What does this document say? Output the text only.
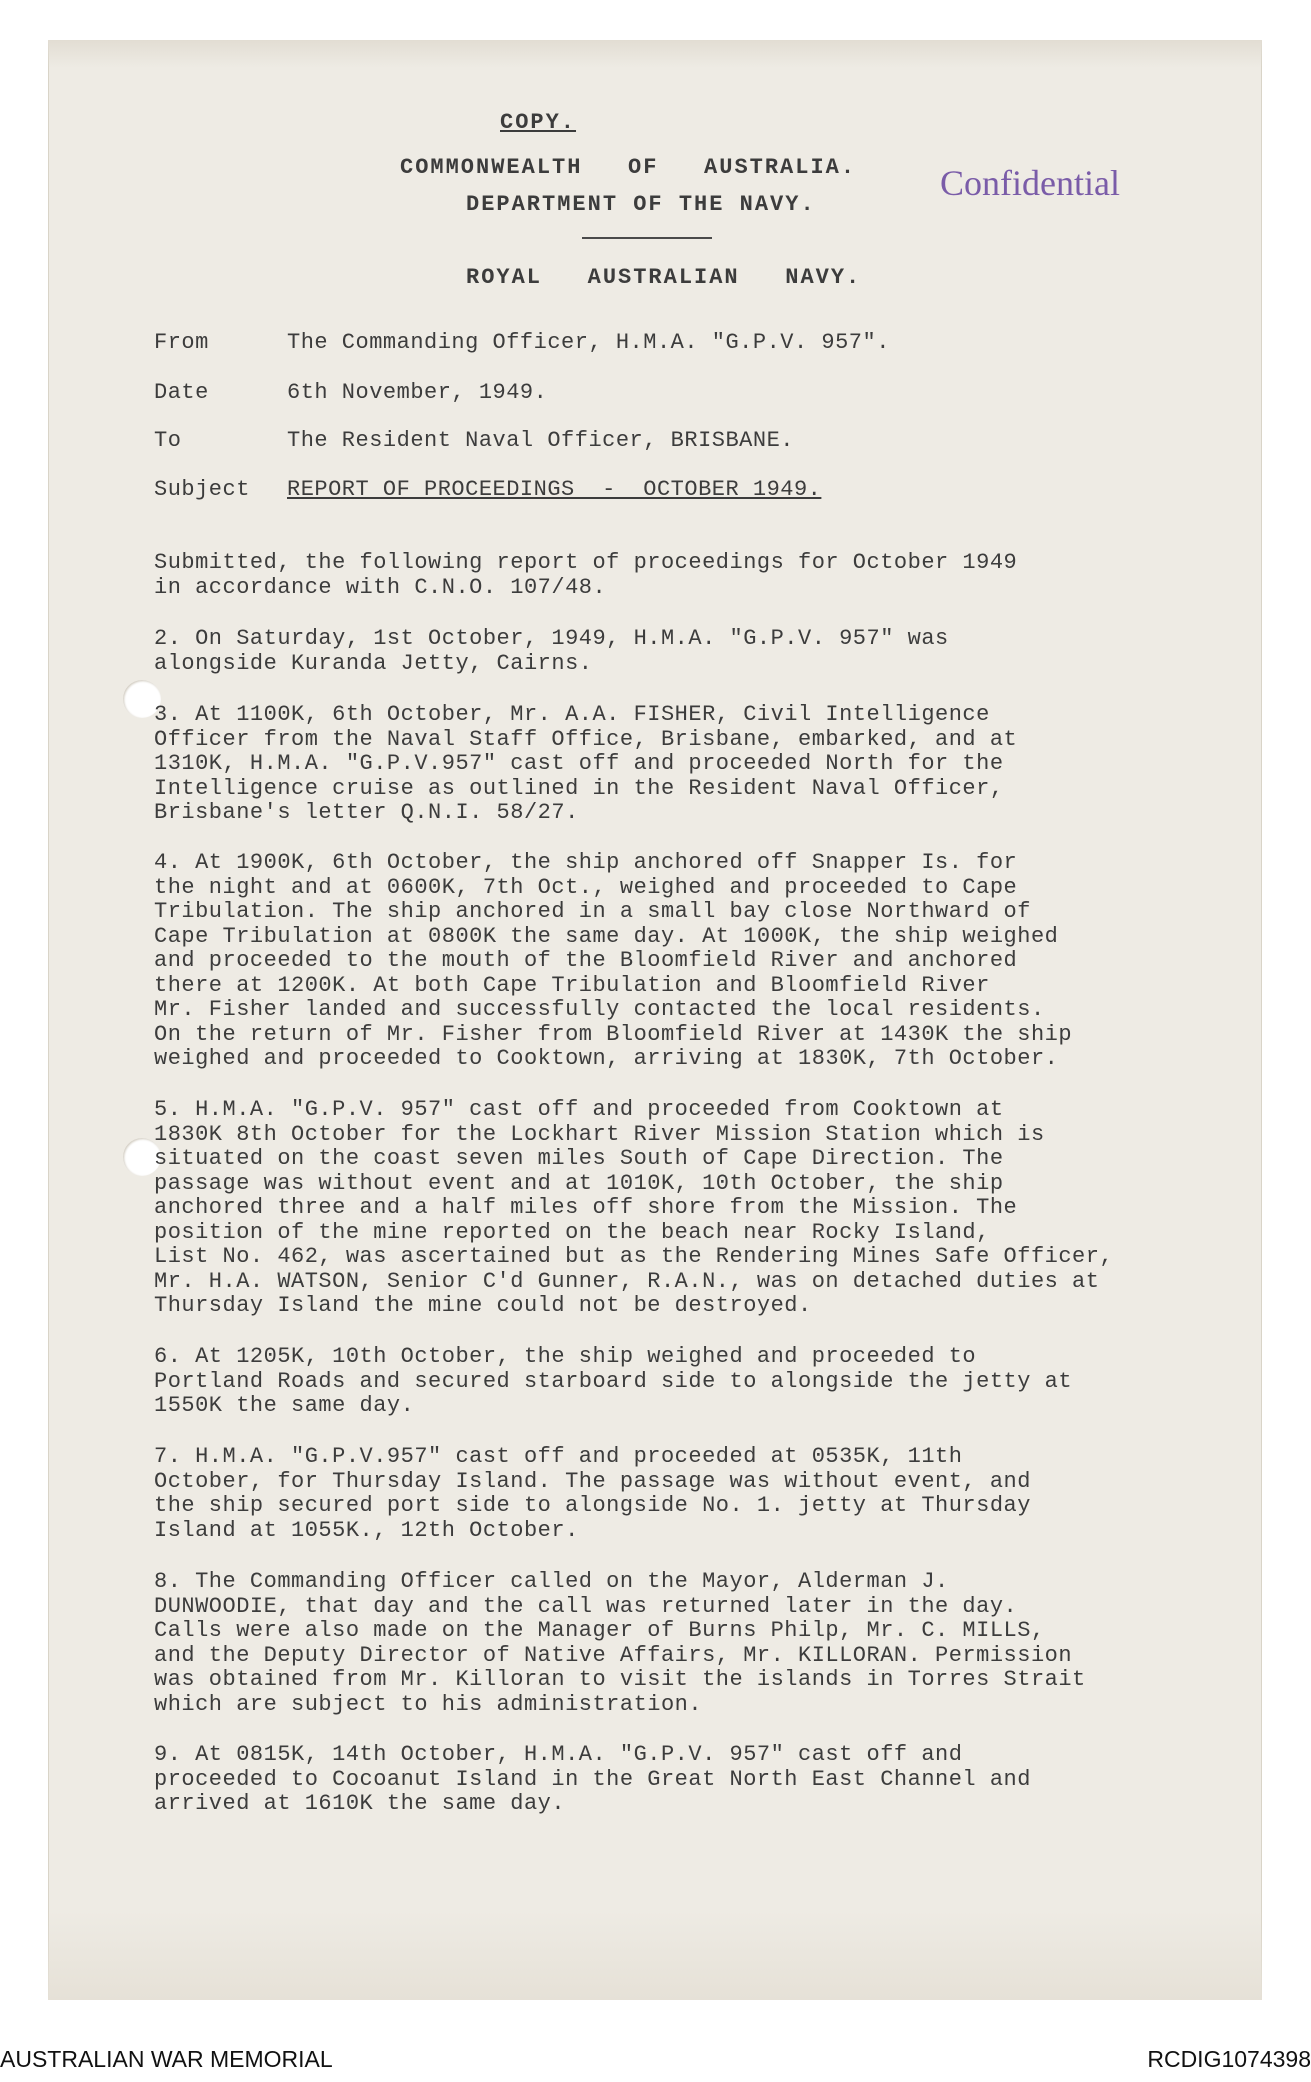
COPY.
COMMONWEALTH   OF   AUSTRALIA.
DEPARTMENT OF THE NAVY.
ROYAL   AUSTRALIAN   NAVY.
Confidential
From	The Commanding Officer, H.M.A. "G.P.V. 957".
Date	6th November, 1949.
To	The Resident Naval Officer, BRISBANE.
Subject REPORT OF PROCEEDINGS  -  OCTOBER 1949.
Submitted, the following report of proceedings for October 1949
in accordance with C.N.O. 107/48.
2. On Saturday, 1st October, 1949, H.M.A. "G.P.V. 957" was
alongside Kuranda Jetty, Cairns.
3. At 1100K, 6th October, Mr. A.A. FISHER, Civil Intelligence
Officer from the Naval Staff Office, Brisbane, embarked, and at
1310K, H.M.A. "G.P.V.957" cast off and proceeded North for the
Intelligence cruise as outlined in the Resident Naval Officer,
Brisbane's letter Q.N.I. 58/27.
4. At 1900K, 6th October, the ship anchored off Snapper Is. for
the night and at 0600K, 7th Oct., weighed and proceeded to Cape
Tribulation. The ship anchored in a small bay close Northward of
Cape Tribulation at 0800K the same day. At 1000K, the ship weighed
and proceeded to the mouth of the Bloomfield River and anchored
there at 1200K. At both Cape Tribulation and Bloomfield River
Mr. Fisher landed and successfully contacted the local residents.
On the return of Mr. Fisher from Bloomfield River at 1430K the ship
weighed and proceeded to Cooktown, arriving at 1830K, 7th October.
5. H.M.A. "G.P.V. 957" cast off and proceeded from Cooktown at
1830K 8th October for the Lockhart River Mission Station which is
situated on the coast seven miles South of Cape Direction. The
passage was without event and at 1010K, 10th October, the ship
anchored three and a half miles off shore from the Mission. The
position of the mine reported on the beach near Rocky Island,
List No. 462, was ascertained but as the Rendering Mines Safe Officer,
Mr. H.A. WATSON, Senior C'd Gunner, R.A.N., was on detached duties at
Thursday Island the mine could not be destroyed.
6. At 1205K, 10th October, the ship weighed and proceeded to
Portland Roads and secured starboard side to alongside the jetty at
1550K the same day.
7. H.M.A. "G.P.V.957" cast off and proceeded at 0535K, 11th
October, for Thursday Island. The passage was without event, and
the ship secured port side to alongside No. 1. jetty at Thursday
Island at 1055K., 12th October.
8. The Commanding Officer called on the Mayor, Alderman J.
DUNWOODIE, that day and the call was returned later in the day.
Calls were also made on the Manager of Burns Philp, Mr. C. MILLS,
and the Deputy Director of Native Affairs, Mr. KILLORAN. Permission
was obtained from Mr. Killoran to visit the islands in Torres Strait
which are subject to his administration.
9. At 0815K, 14th October, H.M.A. "G.P.V. 957" cast off and
proceeded to Cocoanut Island in the Great North East Channel and
arrived at 1610K the same day.
AUSTRALIAN WAR MEMORIAL	RCDIG1074398
